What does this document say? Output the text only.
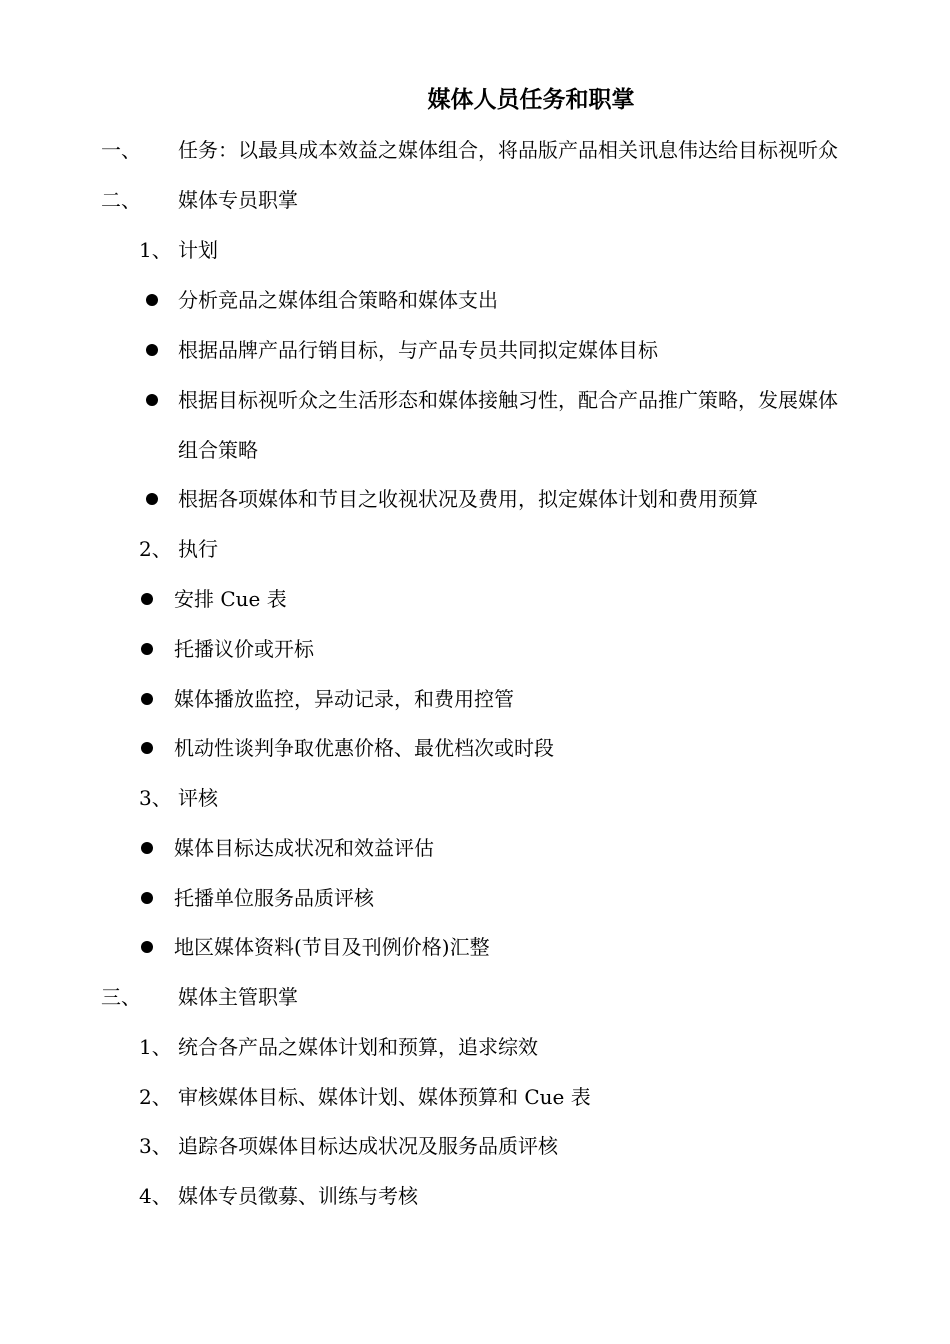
媒体人员任务和职掌
一、 任务：以最具成本效益之媒体组合，将品版产品相关讯息伟达给目标视听众
二、 媒体专员职掌
1、 计划
分析竞品之媒体组合策略和媒体支出
根据品牌产品行销目标，与产品专员共同拟定媒体目标
根据目标视听众之生活形态和媒体接触习性，配合产品推广策略，发展媒体
组合策略
根据各项媒体和节目之收视状况及费用，拟定媒体计划和费用预算
2、 执行
安排 Cue 表
托播议价或开标
媒体播放监控，异动记录，和费用控管
机动性谈判争取优惠价格、最优档次或时段
3、 评核
媒体目标达成状况和效益评估
托播单位服务品质评核
地区媒体资料(节目及刊例价格)汇整
三、 媒体主管职掌
1、 统合各产品之媒体计划和预算，追求综效
2、 审核媒体目标、媒体计划、媒体预算和 Cue 表
3、 追踪各项媒体目标达成状况及服务品质评核
4、 媒体专员徵募、训练与考核
